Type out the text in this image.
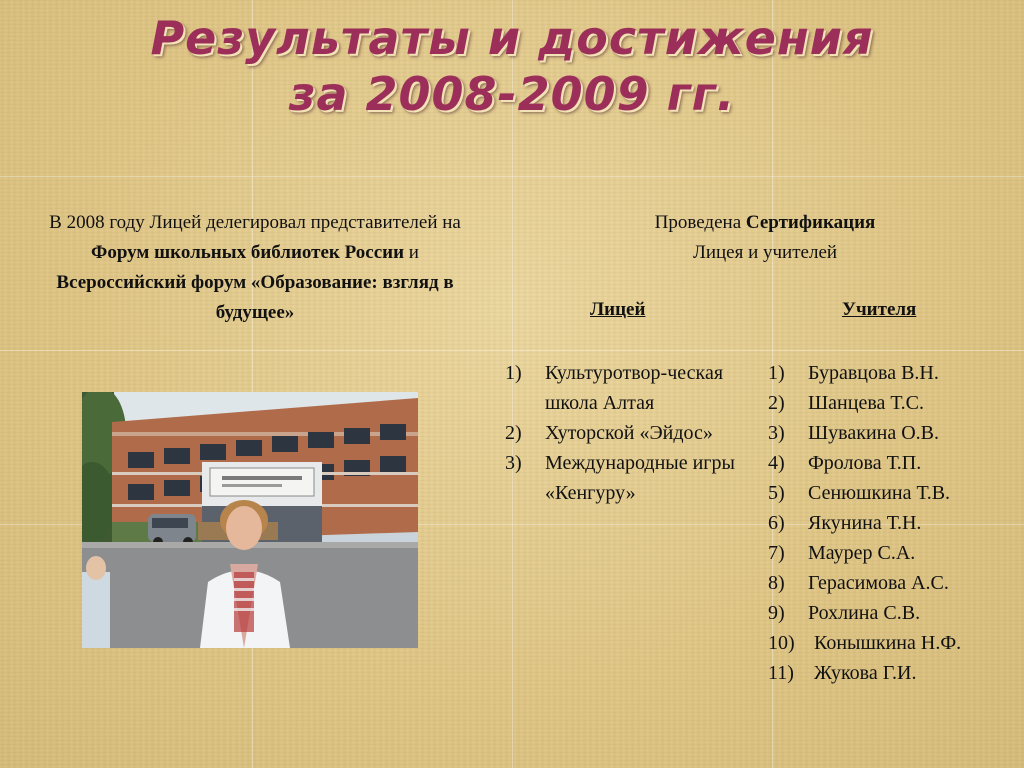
Результаты и достижения
за 2008-2009 гг.
В 2008 году Лицей делегировал представителей на Форум школьных библиотек России и Всероссийский форум «Образование: взгляд в будущее»
Проведена Сертификация
Лицея и учителей
Лицей	Учителя
1) Культуротвор-ческая школа Алтая
2) Хуторской «Эйдос»
3) Международные игры «Кенгуру»
1) Буравцова В.Н.
2) Шанцева Т.С.
3) Шувакина О.В.
4) Фролова Т.П.
5) Сенюшкина Т.В.
6) Якунина Т.Н.
7) Маурер С.А.
8) Герасимова А.С.
9) Рохлина С.В.
10) Конышкина Н.Ф.
11) Жукова Г.И.
